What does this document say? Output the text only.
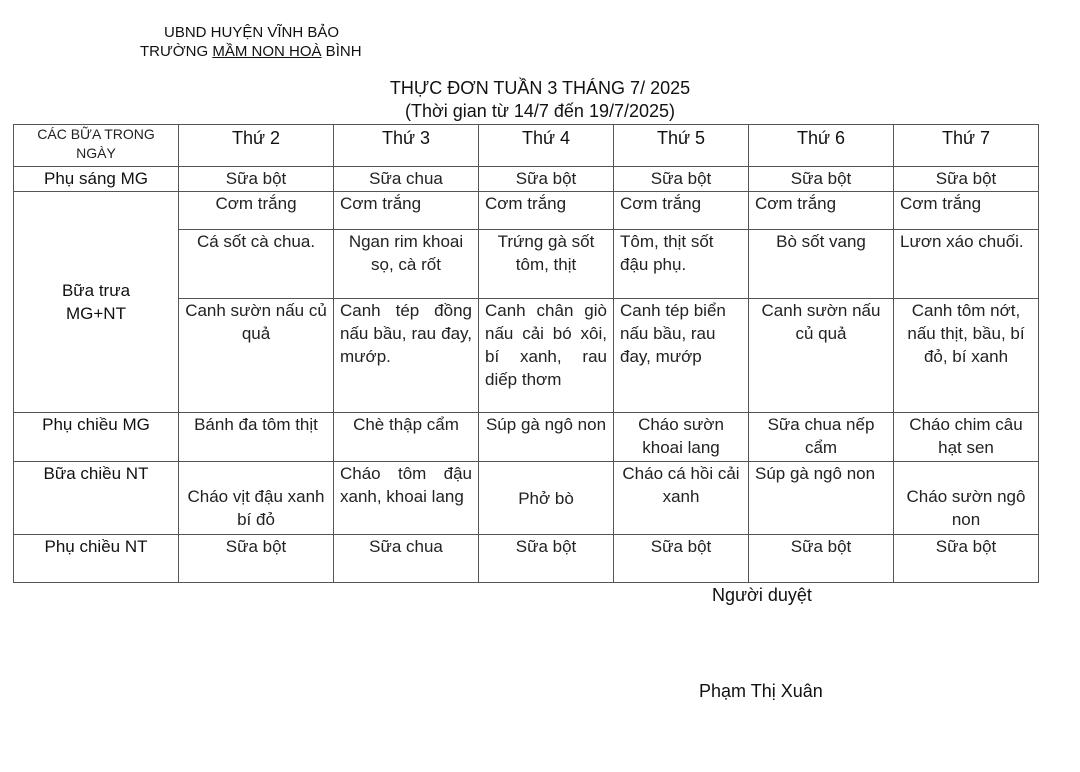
UBND HUYỆN VĨNH BẢO
TRƯỜNG MẦM NON HOÀ BÌNH
THỰC ĐƠN TUẦN 3 THÁNG 7/ 2025
(Thời gian từ 14/7 đến 19/7/2025)
CÁC BỮA TRONG NGÀY	Thứ 2	Thứ 3	Thứ 4	Thứ 5	Thứ 6	Thứ 7
Phụ sáng MG	Sữa bột	Sữa chua	Sữa bột	Sữa bột	Sữa bột	Sữa bột
Bữa trưa MG+NT	Cơm trắng	Cơm trắng	Cơm trắng	Cơm trắng	Cơm trắng	Cơm trắng
	Cá sốt cà chua.	Ngan rim khoai sọ, cà rốt	Trứng gà sốt tôm, thịt	Tôm, thịt sốt đậu phụ.	Bò sốt vang	Lươn xáo chuối.
	Canh sườn nấu củ quả	Canh tép đồng nấu bầu, rau đay, mướp.	Canh chân giò nấu cải bó xôi, bí xanh, rau diếp thơm	Canh tép biển nấu bầu, rau đay, mướp	Canh sườn nấu củ quả	Canh tôm nớt, nấu thịt, bầu, bí đỏ, bí xanh
Phụ chiều MG	Bánh đa tôm thịt	Chè thập cẩm	Súp gà ngô non	Cháo sườn khoai lang	Sữa chua nếp cẩm	Cháo chim câu hạt sen
Bữa chiều NT	Cháo vịt đậu xanh bí đỏ	Cháo tôm đậu xanh, khoai lang	Phở bò	Cháo cá hồi cải xanh	Súp gà ngô non	Cháo sườn ngô non
Phụ chiều NT	Sữa bột	Sữa chua	Sữa bột	Sữa bột	Sữa bột	Sữa bột
Người duyệt
Phạm Thị Xuân
